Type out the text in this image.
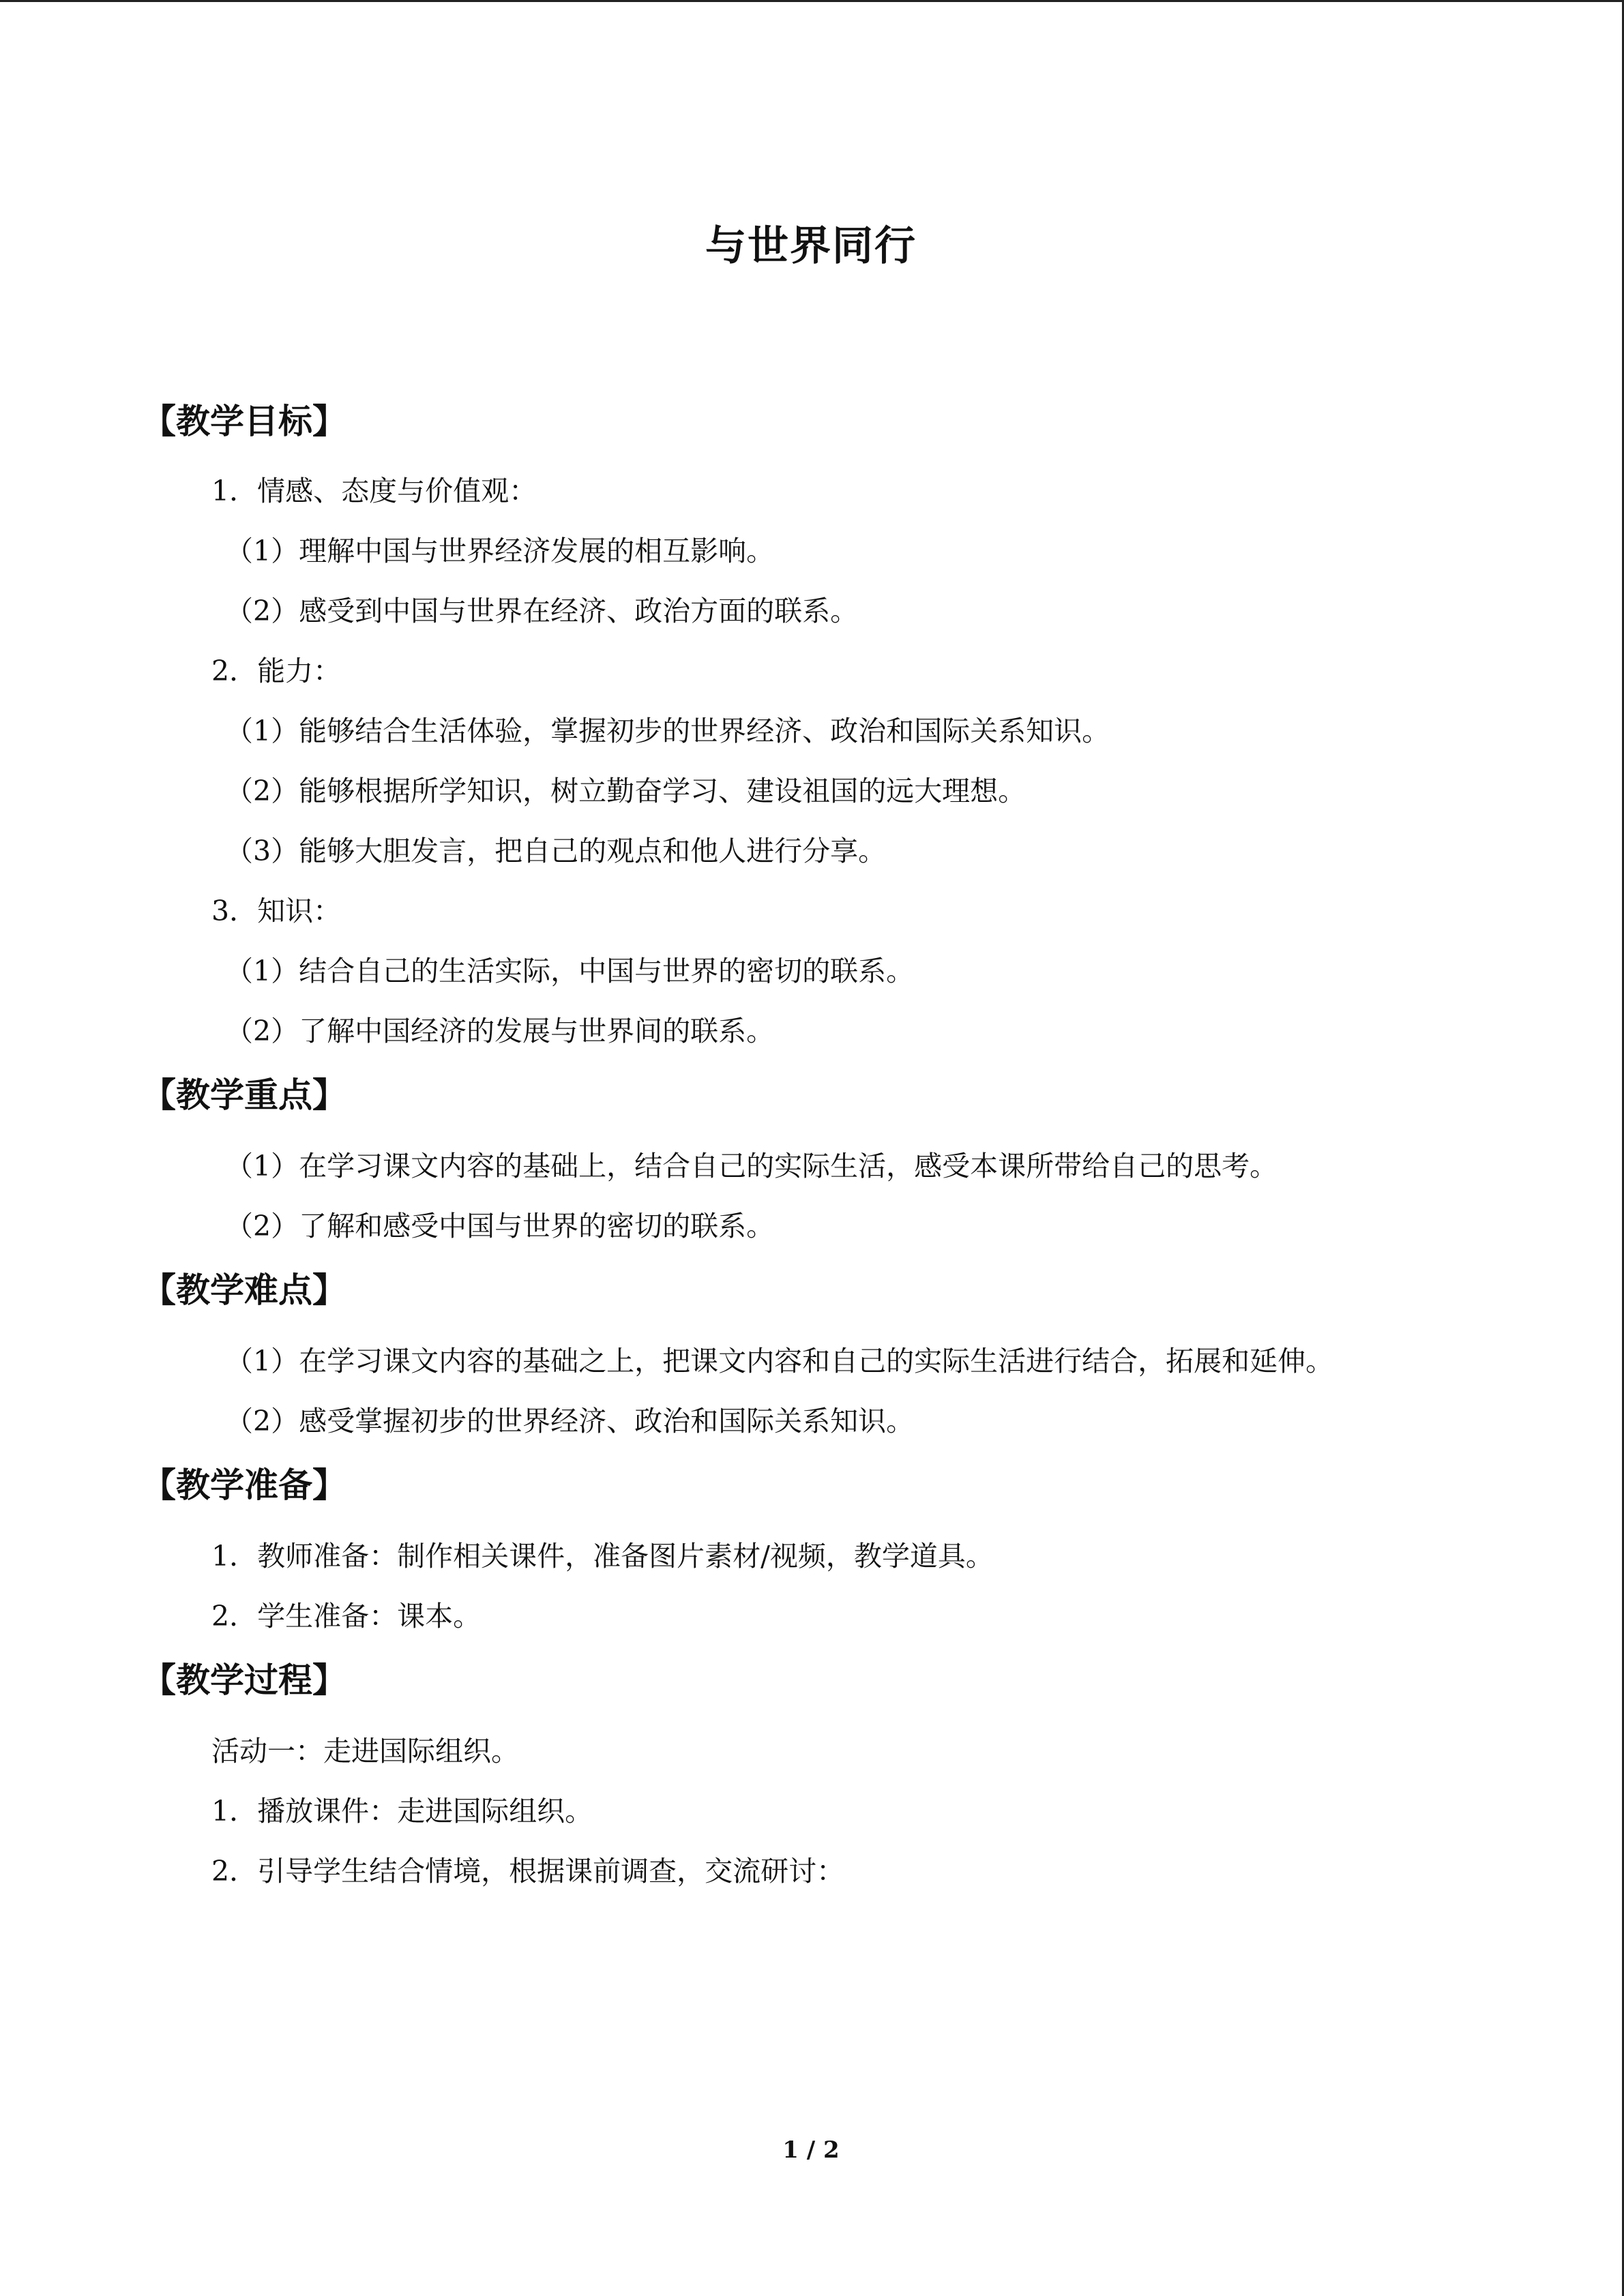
与世界同行
【教学目标】
1．情感、态度与价值观：
（1）理解中国与世界经济发展的相互影响。
（2）感受到中国与世界在经济、政治方面的联系。
2．能力：
（1）能够结合生活体验，掌握初步的世界经济、政治和国际关系知识。
（2）能够根据所学知识，树立勤奋学习、建设祖国的远大理想。
（3）能够大胆发言，把自己的观点和他人进行分享。
3．知识：
（1）结合自己的生活实际，中国与世界的密切的联系。
（2）了解中国经济的发展与世界间的联系。
【教学重点】
（1）在学习课文内容的基础上，结合自己的实际生活，感受本课所带给自己的思考。
（2）了解和感受中国与世界的密切的联系。
【教学难点】
（1）在学习课文内容的基础之上，把课文内容和自己的实际生活进行结合，拓展和延伸。
（2）感受掌握初步的世界经济、政治和国际关系知识。
【教学准备】
1．教师准备：制作相关课件，准备图片素材/视频，教学道具。
2．学生准备：课本。
【教学过程】
活动一：走进国际组织。
1．播放课件：走进国际组织。
2．引导学生结合情境，根据课前调查，交流研讨：
1 / 2
